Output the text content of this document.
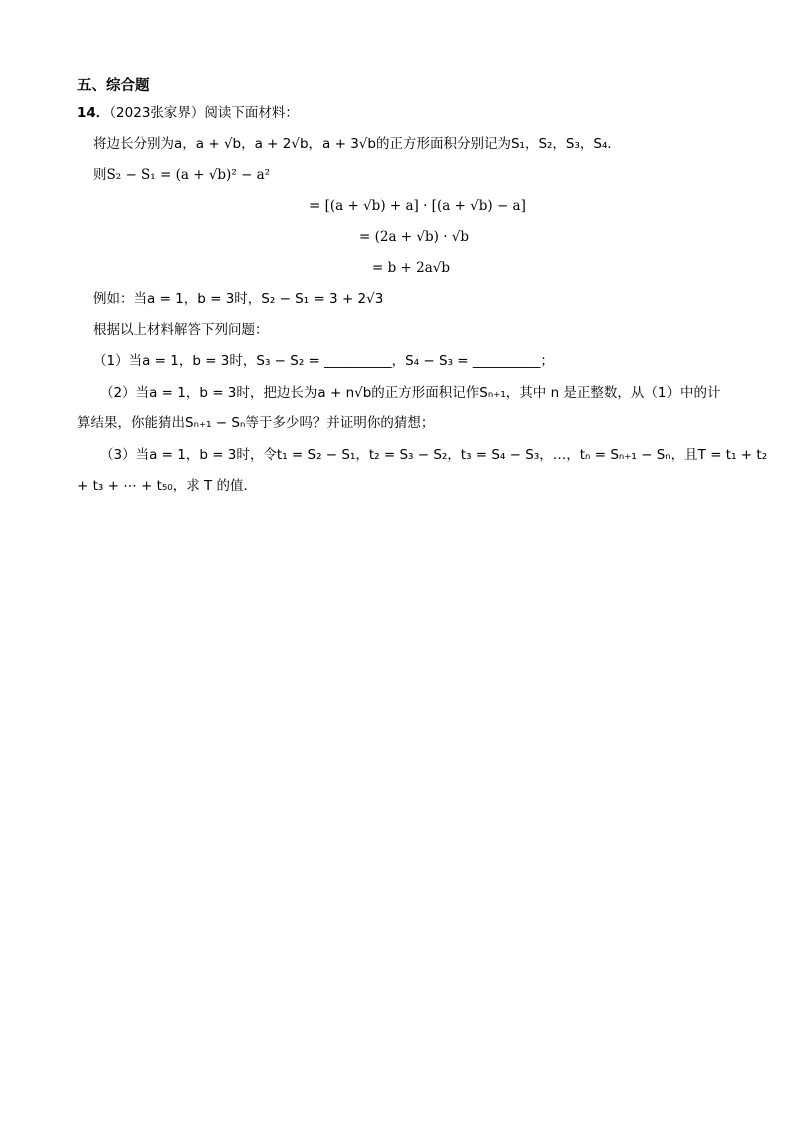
五、综合题
14．（2023张家界）阅读下面材料：
将边长分别为a，a + √b，a + 2√b，a + 3√b的正方形面积分别记为S₁，S₂，S₃，S₄．
则S₂ − S₁ = (a + √b)² − a²
= [(a + √b) + a] · [(a + √b) − a]
= (2a + √b) · √b
= b + 2a√b
例如：当a = 1，b = 3时，S₂ − S₁ = 3 + 2√3
根据以上材料解答下列问题：
（1）当a = 1，b = 3时，S₃ − S₂ = __________，S₄ − S₃ = __________；
（2）当a = 1，b = 3时，把边长为a + n√b的正方形面积记作Sₙ₊₁，其中 n 是正整数，从（1）中的计
算结果，你能猜出Sₙ₊₁ − Sₙ等于多少吗？并证明你的猜想；
（3）当a = 1，b = 3时，令t₁ = S₂ − S₁，t₂ = S₃ − S₂，t₃ = S₄ − S₃，…，tₙ = Sₙ₊₁ − Sₙ，且T = t₁ + t₂
+ t₃ + ⋯ + t₅₀，求 T 的值．
